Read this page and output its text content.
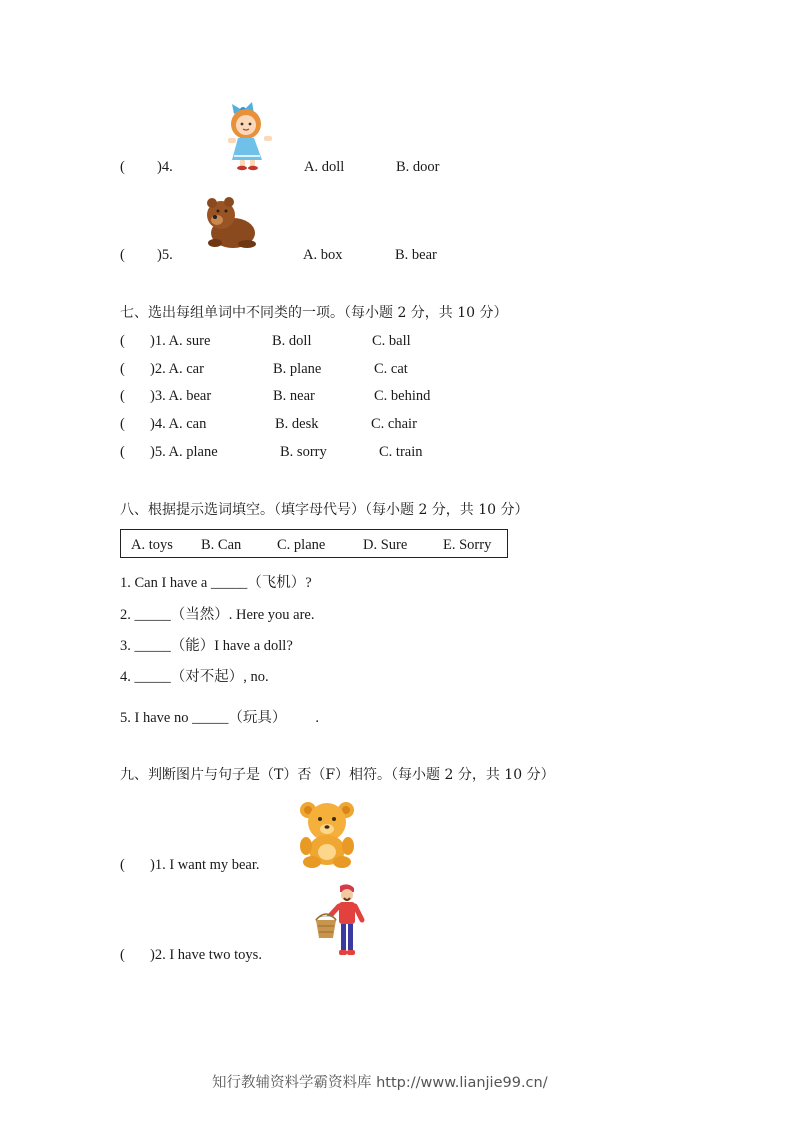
( )4.	A. doll	B. door
( )5.	A. box	B. bear
七、选出每组单词中不同类的一项。（每小题 2 分，共 10 分）
( )1. A. sure	B. doll	C. ball
( )2. A. car	B. plane	C. cat
( )3. A. bear	B. near	C. behind
( )4. A. can	B. desk	C. chair
( )5. A. plane	B. sorry	C. train
八、根据提示选词填空。（填字母代号）（每小题 2 分，共 10 分）
A. toys B. Can C. plane	D. Sure E. Sorry
1. Can I have a _____（飞机）?
2. _____（当然）. Here you are.
3. _____（能）I have a doll?
4. _____（对不起）, no.
5. I have no _____（玩具）        .
九、判断图片与句子是（T）否（F）相符。（每小题 2 分，共 10 分）
( )1. I want my bear.
( )2. I have two toys.
知行教辅资料学霸资料库 http://www.lianjie99.cn/
